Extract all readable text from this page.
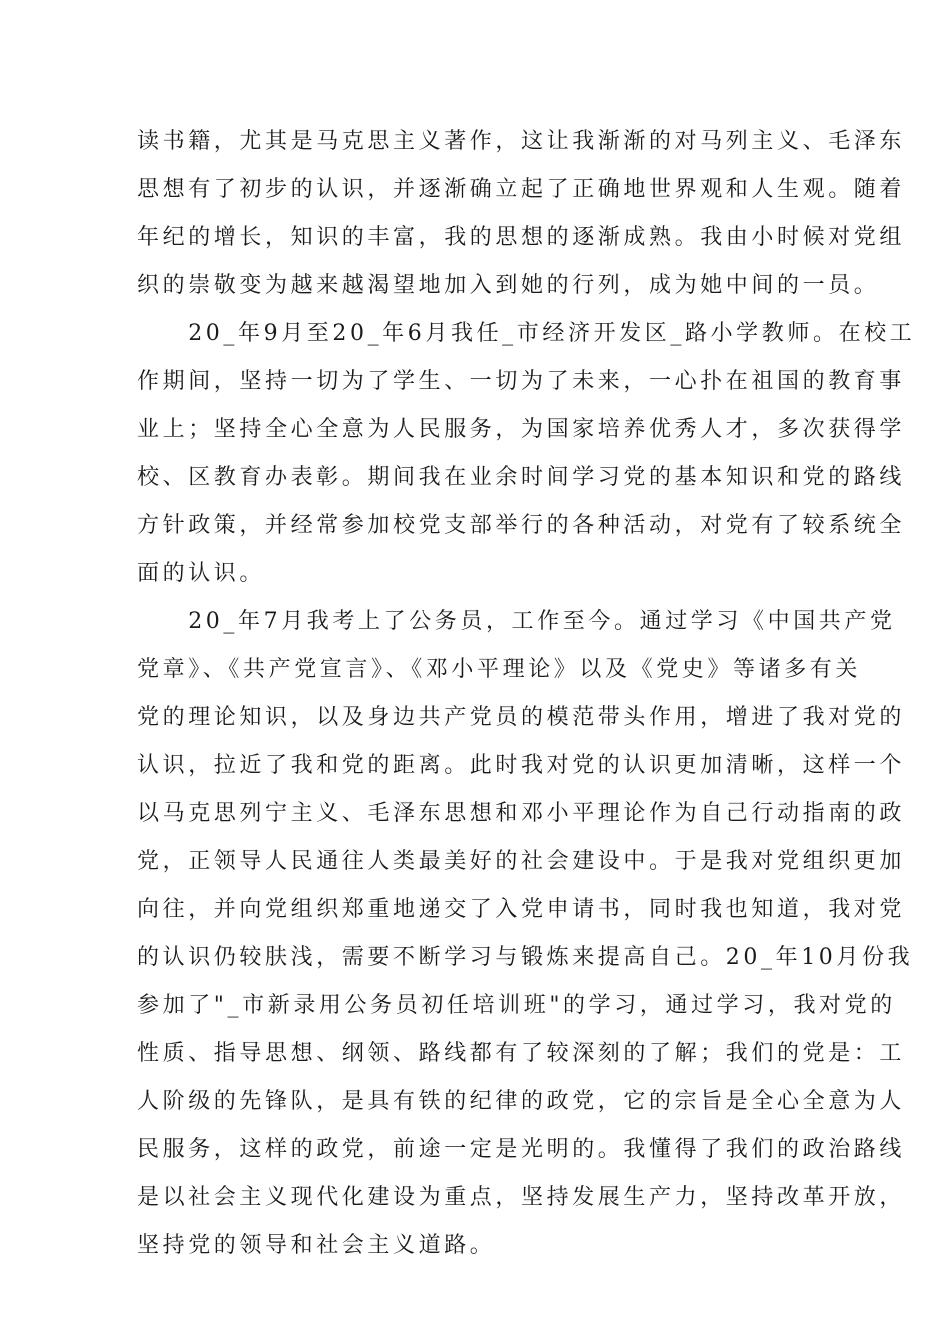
读书籍，尤其是马克思主义著作，这让我渐渐的对马列主义、毛泽东
思想有了初步的认识，并逐渐确立起了正确地世界观和人生观。随着
年纪的增长，知识的丰富，我的思想的逐渐成熟。我由小时候对党组
织的崇敬变为越来越渴望地加入到她的行列，成为她中间的一员。
　　20_年9月至20_年6月我任_市经济开发区_路小学教师。在校工
作期间，坚持一切为了学生、一切为了未来，一心扑在祖国的教育事
业上；坚持全心全意为人民服务，为国家培养优秀人才，多次获得学
校、区教育办表彰。期间我在业余时间学习党的基本知识和党的路线
方针政策，并经常参加校党支部举行的各种活动，对党有了较系统全
面的认识。
　　20_年7月我考上了公务员，工作至今。通过学习《中国共产党
党章》、《共产党宣言》、《邓小平理论》以及《党史》等诸多有关
党的理论知识，以及身边共产党员的模范带头作用，增进了我对党的
认识，拉近了我和党的距离。此时我对党的认识更加清晰，这样一个
以马克思列宁主义、毛泽东思想和邓小平理论作为自己行动指南的政
党，正领导人民通往人类最美好的社会建设中。于是我对党组织更加
向往，并向党组织郑重地递交了入党申请书，同时我也知道，我对党
的认识仍较肤浅，需要不断学习与锻炼来提高自己。20_年10月份我
参加了"_市新录用公务员初任培训班"的学习，通过学习，我对党的
性质、指导思想、纲领、路线都有了较深刻的了解；我们的党是：工
人阶级的先锋队，是具有铁的纪律的政党，它的宗旨是全心全意为人
民服务，这样的政党，前途一定是光明的。我懂得了我们的政治路线
是以社会主义现代化建设为重点，坚持发展生产力，坚持改革开放，
坚持党的领导和社会主义道路。
